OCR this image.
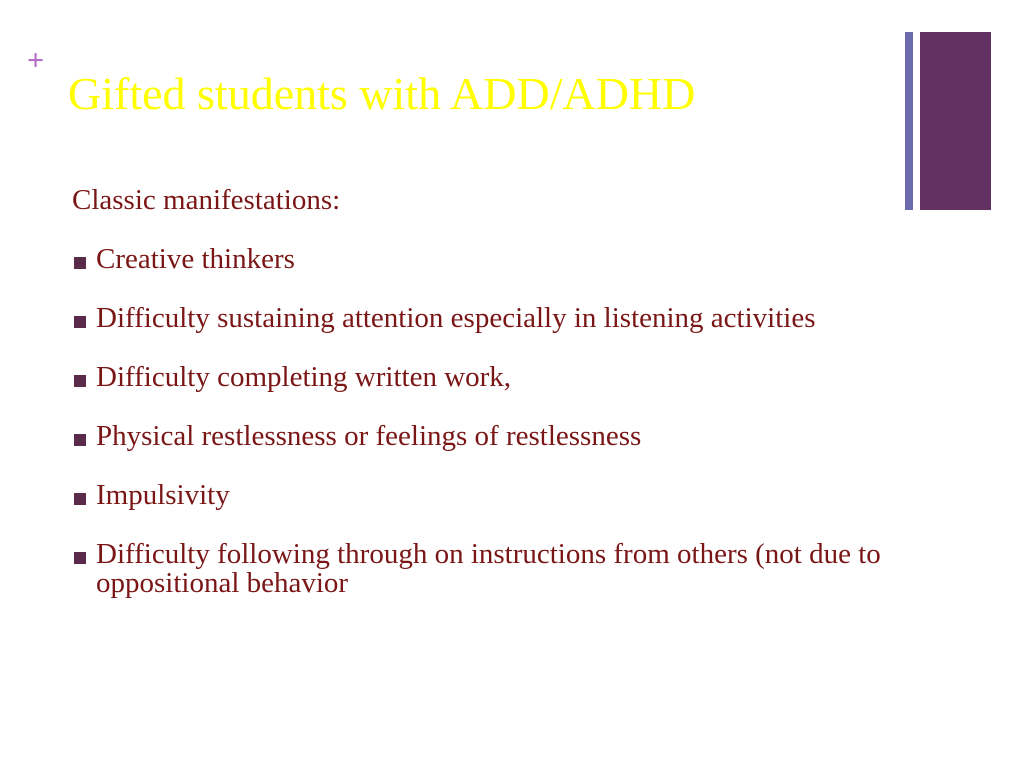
+
Gifted students with ADD/ADHD

Classic manifestations:

Creative thinkers
Difficulty sustaining attention especially in listening activities
Difficulty completing written work,
Physical restlessness or feelings of restlessness
Impulsivity
Difficulty following through on instructions from others (not due to oppositional behavior
